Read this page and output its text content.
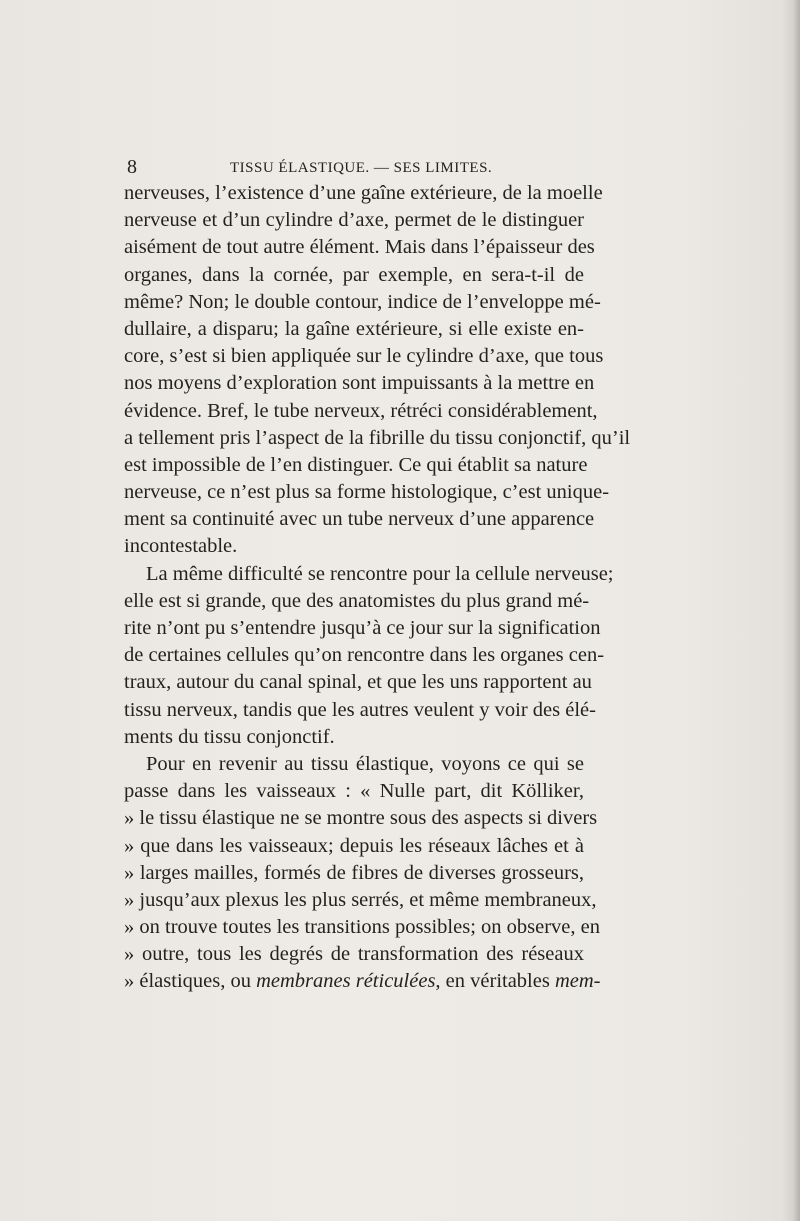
8	TISSU ÉLASTIQUE. — SES LIMITES.
nerveuses, l’existence d’une gaîne extérieure, de la moelle
nerveuse et d’un cylindre d’axe, permet de le distinguer
aisément de tout autre élément. Mais dans l’épaisseur des
organes, dans la cornée, par exemple, en sera-t-il de
même? Non; le double contour, indice de l’enveloppe mé-
dullaire, a disparu; la gaîne extérieure, si elle existe en-
core, s’est si bien appliquée sur le cylindre d’axe, que tous
nos moyens d’exploration sont impuissants à la mettre en
évidence. Bref, le tube nerveux, rétréci considérablement,
a tellement pris l’aspect de la fibrille du tissu conjonctif, qu’il
est impossible de l’en distinguer. Ce qui établit sa nature
nerveuse, ce n’est plus sa forme histologique, c’est unique-
ment sa continuité avec un tube nerveux d’une apparence
incontestable.
La même difficulté se rencontre pour la cellule nerveuse;
elle est si grande, que des anatomistes du plus grand mé-
rite n’ont pu s’entendre jusqu’à ce jour sur la signification
de certaines cellules qu’on rencontre dans les organes cen-
traux, autour du canal spinal, et que les uns rapportent au
tissu nerveux, tandis que les autres veulent y voir des élé-
ments du tissu conjonctif.
Pour en revenir au tissu élastique, voyons ce qui se
passe dans les vaisseaux : « Nulle part, dit Kölliker,
» le tissu élastique ne se montre sous des aspects si divers
» que dans les vaisseaux; depuis les réseaux lâches et à
» larges mailles, formés de fibres de diverses grosseurs,
» jusqu’aux plexus les plus serrés, et même membraneux,
» on trouve toutes les transitions possibles; on observe, en
» outre, tous les degrés de transformation des réseaux
» élastiques, ou membranes réticulées, en véritables mem-
